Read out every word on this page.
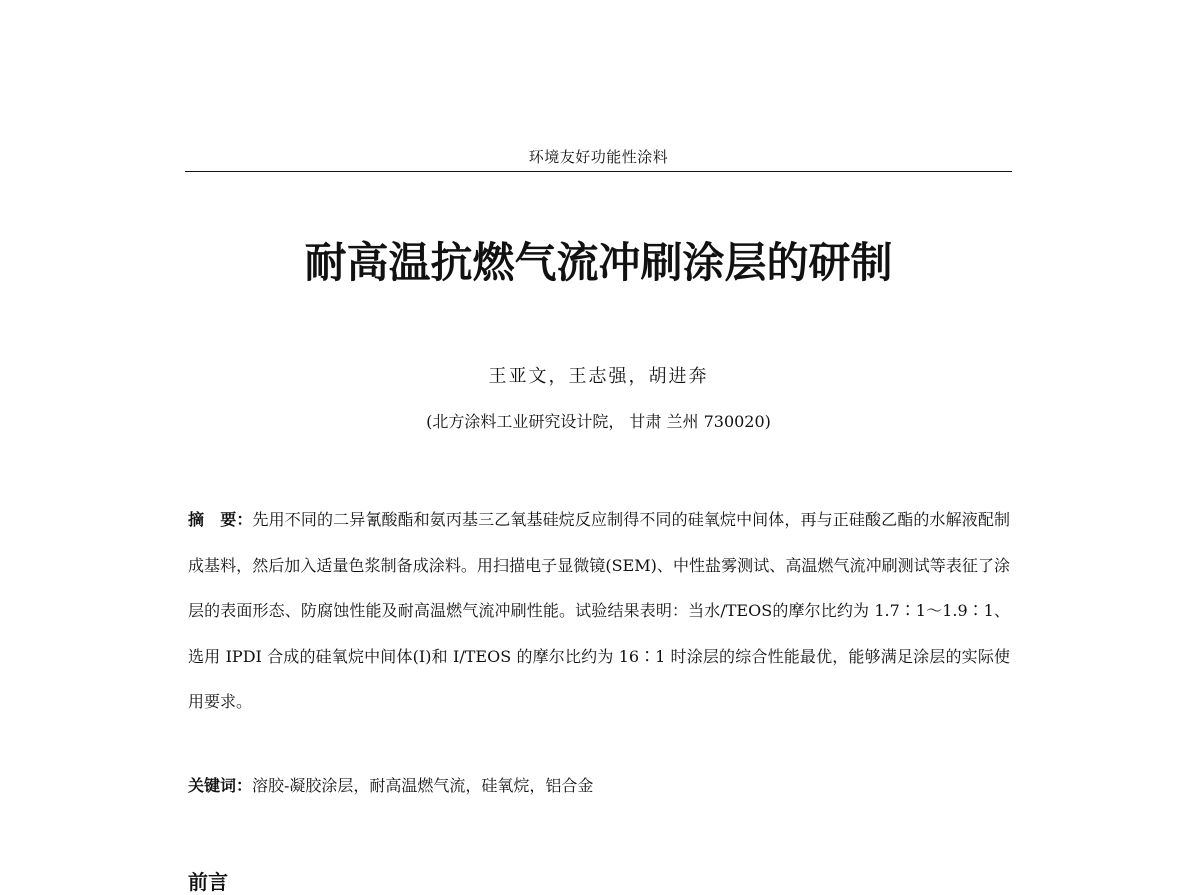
环境友好功能性涂料
耐高温抗燃气流冲刷涂层的研制
王亚文，王志强，胡进奔
(北方涂料工业研究设计院， 甘肃 兰州 730020)
摘　要：先用不同的二异氰酸酯和氨丙基三乙氧基硅烷反应制得不同的硅氧烷中间体，再与正硅酸乙酯的水解液配制成基料，然后加入适量色浆制备成涂料。用扫描电子显微镜(SEM)、中性盐雾测试、高温燃气流冲刷测试等表征了涂层的表面形态、防腐蚀性能及耐高温燃气流冲刷性能。试验结果表明：当水/TEOS的摩尔比约为 1.7∶1～1.9∶1、选用 IPDI 合成的硅氧烷中间体(I)和 I/TEOS 的摩尔比约为 16∶1 时涂层的综合性能最优，能够满足涂层的实际使用要求。
关键词：溶胶-凝胶涂层，耐高温燃气流，硅氧烷，铝合金
前言
